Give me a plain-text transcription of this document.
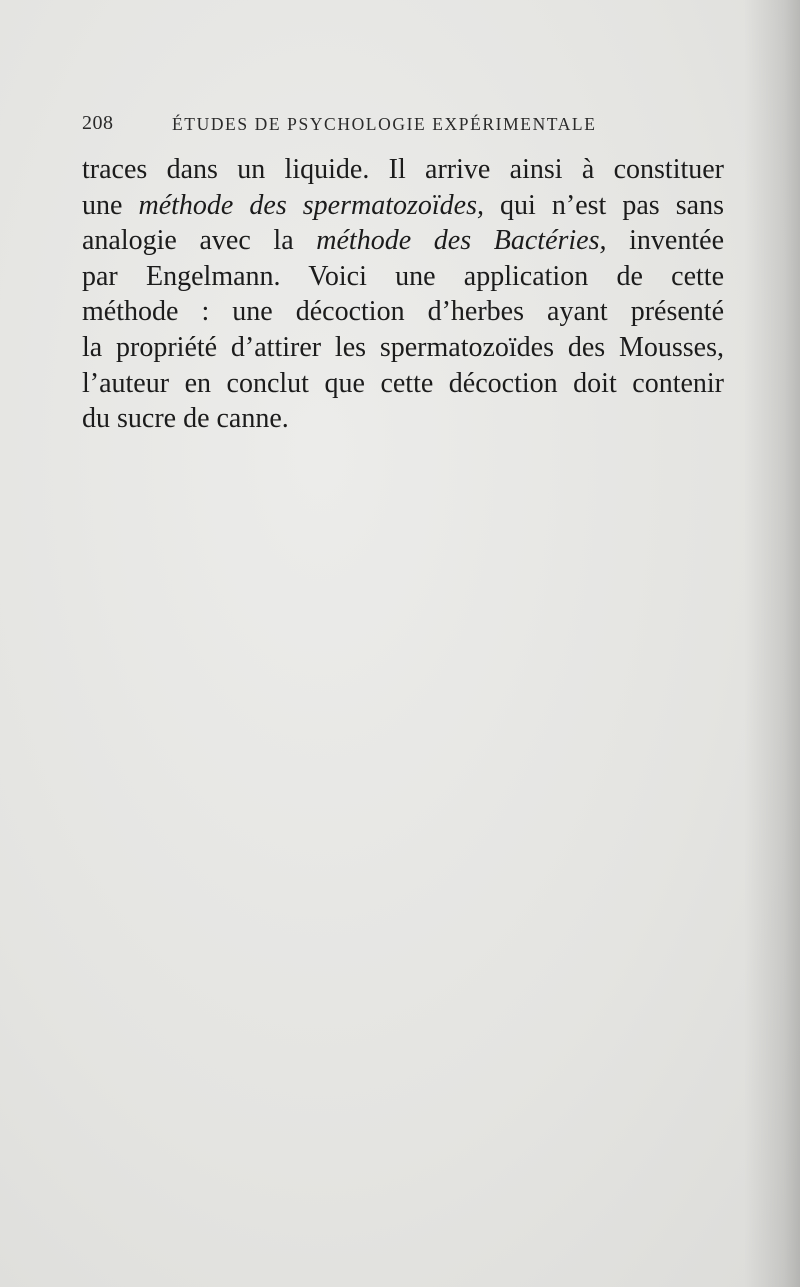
208	ÉTUDES DE PSYCHOLOGIE EXPÉRIMENTALE
traces dans un liquide. Il arrive ainsi à constituer
une méthode des spermatozoïdes, qui n’est pas sans
analogie avec la méthode des Bactéries, inventée
par Engelmann. Voici une application de cette
méthode : une décoction d’herbes ayant présenté
la propriété d’attirer les spermatozoïdes des Mousses,
l’auteur en conclut que cette décoction doit contenir
du sucre de canne.
